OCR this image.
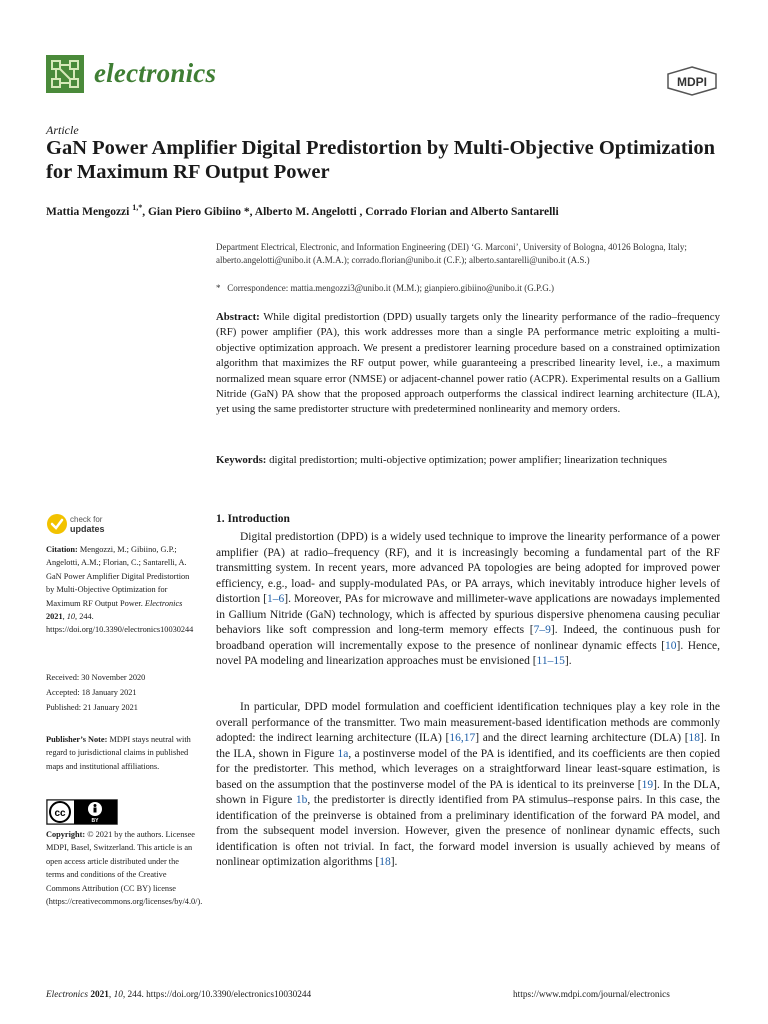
electronics	MDPI
Article
GaN Power Amplifier Digital Predistortion by Multi-Objective Optimization for Maximum RF Output Power
Mattia Mengozzi $^{1,*}$, Gian Piero Gibiino *, Alberto M. Angelotti , Corrado Florian and Alberto Santarelli
Department Electrical, Electronic, and Information Engineering (DEI) ‘G. Marconi’, University of Bologna, 40126 Bologna, Italy; alberto.angelotti@unibo.it (A.M.A.); corrado.florian@unibo.it (C.F.); alberto.santarelli@unibo.it (A.S.)
* Correspondence: mattia.mengozzi3@unibo.it (M.M.); gianpiero.gibiino@unibo.it (G.P.G.)
Abstract: While digital predistortion (DPD) usually targets only the linearity performance of the radio–frequency (RF) power amplifier (PA), this work addresses more than a single PA performance metric exploiting a multi-objective optimization approach. We present a predistorer learning procedure based on a constrained optimization algorithm that maximizes the RF output power, while guaranteeing a prescribed linearity level, i.e., a maximum normalized mean square error (NMSE) or adjacent-channel power ratio (ACPR). Experimental results on a Gallium Nitride (GaN) PA show that the proposed approach outperforms the classical indirect learning architecture (ILA), yet using the same predistorter structure with predetermined nonlinearity and memory orders.
Keywords: digital predistortion; multi-objective optimization; power amplifier; linearization techniques
check for
updates
Citation: Mengozzi, M.; Gibiino, G.P.; Angelotti, A.M.; Florian, C.; Santarelli, A. GaN Power Amplifier Digital Predistortion by Multi-Objective Optimization for Maximum RF Output Power. Electronics 2021, 10, 244. https://doi.org/10.3390/electronics10030244
Received: 30 November 2020
Accepted: 18 January 2021
Published: 21 January 2021
Publisher’s Note: MDPI stays neutral with regard to jurisdictional claims in published maps and institutional affiliations.
cc
BY
Copyright: © 2021 by the authors. Licensee MDPI, Basel, Switzerland. This article is an open access article distributed under the terms and conditions of the Creative Commons Attribution (CC BY) license (https://creativecommons.org/licenses/by/4.0/).
1. Introduction
Digital predistortion (DPD) is a widely used technique to improve the linearity performance of a power amplifier (PA) at radio–frequency (RF), and it is increasingly becoming a fundamental part of the RF transmitting system. In recent years, more advanced PA topologies are being adopted for improved power efficiency, e.g., load- and supply-modulated PAs, or PA arrays, which inevitably introduce higher levels of distortion [1–6]. Moreover, PAs for microwave and millimeter-wave applications are nowadays implemented in Gallium Nitride (GaN) technology, which is affected by spurious dispersive phenomena causing peculiar behaviors like soft compression and long-term memory effects [7–9]. Indeed, the continuous push for broadband operation will incrementally expose to the presence of nonlinear dynamic effects [10]. Hence, novel PA modeling and linearization approaches must be envisioned [11–15].
In particular, DPD model formulation and coefficient identification techniques play a key role in the overall performance of the transmitter. Two main measurement-based identification methods are commonly adopted: the indirect learning architecture (ILA) [16,17] and the direct learning architecture (DLA) [18]. In the ILA, shown in Figure 1a, a postinverse model of the PA is identified, and its coefficients are then copied for the predistorter. This method, which leverages on a straightforward linear least-square estimation, is based on the assumption that the postinverse model of the PA is identical to its preinverse [19]. In the DLA, shown in Figure 1b, the predistorter is directly identified from PA stimulus–response pairs. In this case, the identification of the preinverse is obtained from a preliminary identification of the forward PA model, and from the subsequent model inversion. However, given the presence of nonlinear dynamic effects, such identification is often not trivial. In fact, the forward model inversion is usually achieved by means of nonlinear optimization algorithms [18].
Electronics 2021, 10, 244. https://doi.org/10.3390/electronics10030244	https://www.mdpi.com/journal/electronics
